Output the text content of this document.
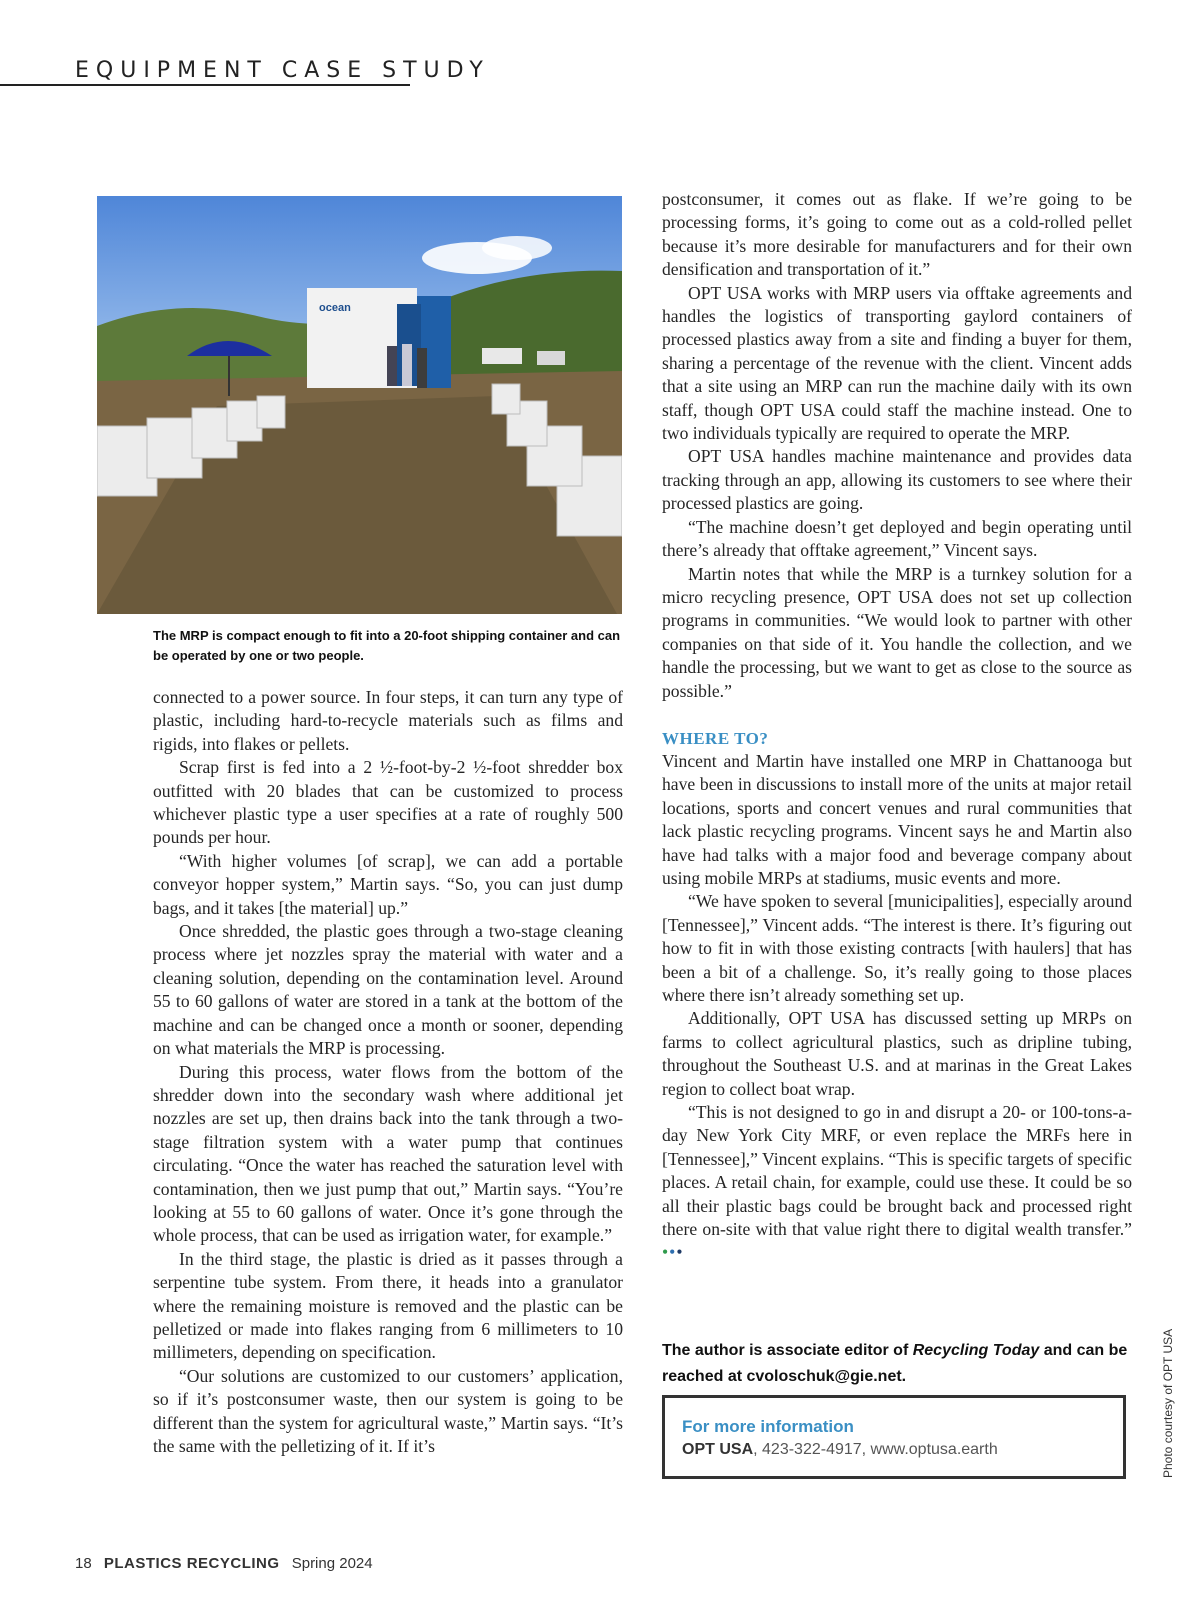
EQUIPMENT CASE STUDY
ocean
The MRP is compact enough to fit into a 20-foot shipping container and can be operated by one or two people.

connected to a power source. In four steps, it can turn any type of plastic, including hard-to-recycle materials such as films and rigids, into flakes or pellets.

Scrap first is fed into a 2 ½-foot-by-2 ½-foot shredder box outfitted with 20 blades that can be customized to process whichever plastic type a user specifies at a rate of roughly 500 pounds per hour.

“With higher volumes [of scrap], we can add a portable conveyor hopper system,” Martin says. “So, you can just dump bags, and it takes [the material] up.”

Once shredded, the plastic goes through a two-stage cleaning process where jet nozzles spray the material with water and a cleaning solution, depending on the contamination level. Around 55 to 60 gallons of water are stored in a tank at the bottom of the machine and can be changed once a month or sooner, depending on what materials the MRP is processing.

During this process, water flows from the bottom of the shredder down into the secondary wash where additional jet nozzles are set up, then drains back into the tank through a two-stage filtration system with a water pump that continues circulating. “Once the water has reached the saturation level with contamination, then we just pump that out,” Martin says. “You’re looking at 55 to 60 gallons of water. Once it’s gone through the whole process, that can be used as irrigation water, for example.”

In the third stage, the plastic is dried as it passes through a serpentine tube system. From there, it heads into a granulator where the remaining moisture is removed and the plastic can be pelletized or made into flakes ranging from 6 millimeters to 10 millimeters, depending on specification.

“Our solutions are customized to our customers’ application, so if it’s postconsumer waste, then our system is going to be different than the system for agricultural waste,” Martin says. “It’s the same with the pelletizing of it. If it’s

postconsumer, it comes out as flake. If we’re going to be processing forms, it’s going to come out as a cold-rolled pellet because it’s more desirable for manufacturers and for their own densification and transportation of it.”

OPT USA works with MRP users via offtake agreements and handles the logistics of transporting gaylord containers of processed plastics away from a site and finding a buyer for them, sharing a percentage of the revenue with the client. Vincent adds that a site using an MRP can run the machine daily with its own staff, though OPT USA could staff the machine instead. One to two individuals typically are required to operate the MRP.

OPT USA handles machine maintenance and provides data tracking through an app, allowing its customers to see where their processed plastics are going.

“The machine doesn’t get deployed and begin operating until there’s already that offtake agreement,” Vincent says.

Martin notes that while the MRP is a turnkey solution for a micro recycling presence, OPT USA does not set up collection programs in communities. “We would look to partner with other companies on that side of it. You handle the collection, and we handle the processing, but we want to get as close to the source as possible.”

WHERE TO?

Vincent and Martin have installed one MRP in Chattanooga but have been in discussions to install more of the units at major retail locations, sports and concert venues and rural communities that lack plastic recycling programs. Vincent says he and Martin also have had talks with a major food and beverage company about using mobile MRPs at stadiums, music events and more.

“We have spoken to several [municipalities], especially around [Tennessee],” Vincent adds. “The interest is there. It’s figuring out how to fit in with those existing contracts [with haulers] that has been a bit of a challenge. So, it’s really going to those places where there isn’t already something set up.

Additionally, OPT USA has discussed setting up MRPs on farms to collect agricultural plastics, such as dripline tubing, throughout the Southeast U.S. and at marinas in the Great Lakes region to collect boat wrap.

“This is not designed to go in and disrupt a 20- or 100-tons-a-day New York City MRF, or even replace the MRFs here in [Tennessee],” Vincent explains. “This is specific targets of specific places. A retail chain, for example, could use these. It could be so all their plastic bags could be brought back and processed right there on-site with that value right there to digital wealth transfer.” •••

The author is associate editor of Recycling Today and can be reached at cvoloschuk@gie.net.
For more information
OPT USA, 423-322-4917, www.optusa.earth	Photo courtesy of OPT USA
18 PLASTICS RECYCLING Spring 2024
